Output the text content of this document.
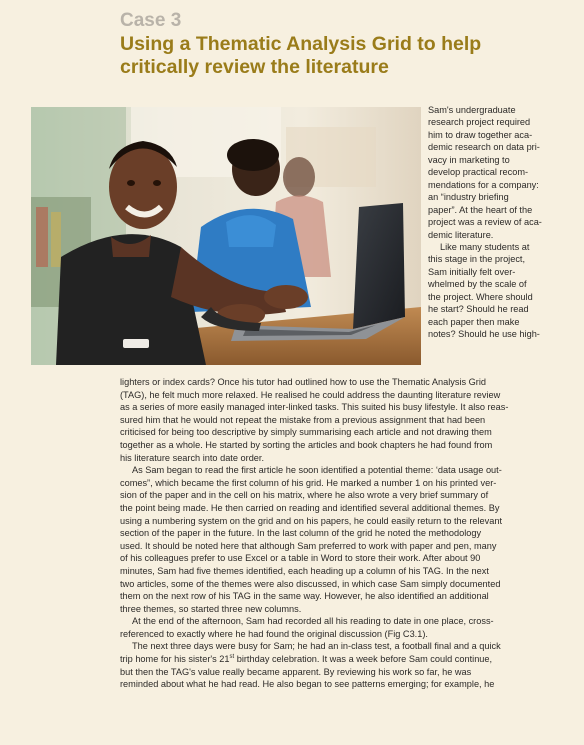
Case 3
Using a Thematic Analysis Grid to help critically review the literature

Sam's undergraduate
research project required
him to draw together aca-
demic research on data pri-
vacy in marketing to
develop practical recom-
mendations for a company:
an “industry briefing
paper”. At the heart of the
project was a review of aca-
demic literature.

Like many students at
this stage in the project,
Sam initially felt over-
whelmed by the scale of
the project. Where should
he start? Should he read
each paper then make
notes? Should he use high-

lighters or index cards? Once his tutor had outlined how to use the Thematic Analysis Grid
(TAG), he felt much more relaxed. He realised he could address the daunting literature review
as a series of more easily managed inter-linked tasks. This suited his busy lifestyle. It also reas-
sured him that he would not repeat the mistake from a previous assignment that had been
criticised for being too descriptive by simply summarising each article and not drawing them
together as a whole. He started by sorting the articles and book chapters he had found from
his literature search into date order.

As Sam began to read the first article he soon identified a potential theme: ‘data usage out-
comes”, which became the first column of his grid. He marked a number 1 on his printed ver-
sion of the paper and in the cell on his matrix, where he also wrote a very brief summary of
the point being made. He then carried on reading and identified several additional themes. By
using a numbering system on the grid and on his papers, he could easily return to the relevant
section of the paper in the future. In the last column of the grid he noted the methodology
used. It should be noted here that although Sam preferred to work with paper and pen, many
of his colleagues prefer to use Excel or a table in Word to store their work. After about 90
minutes, Sam had five themes identified, each heading up a column of his TAG. In the next
two articles, some of the themes were also discussed, in which case Sam simply documented
them on the next row of his TAG in the same way. However, he also identified an additional
three themes, so started three new columns.

At the end of the afternoon, Sam had recorded all his reading to date in one place, cross-
referenced to exactly where he had found the original discussion (Fig C3.1).

The next three days were busy for Sam; he had an in-class test, a football final and a quick
trip home for his sister's 21st birthday celebration. It was a week before Sam could continue,
but then the TAG's value really became apparent. By reviewing his work so far, he was
reminded about what he had read. He also began to see patterns emerging; for example, he
